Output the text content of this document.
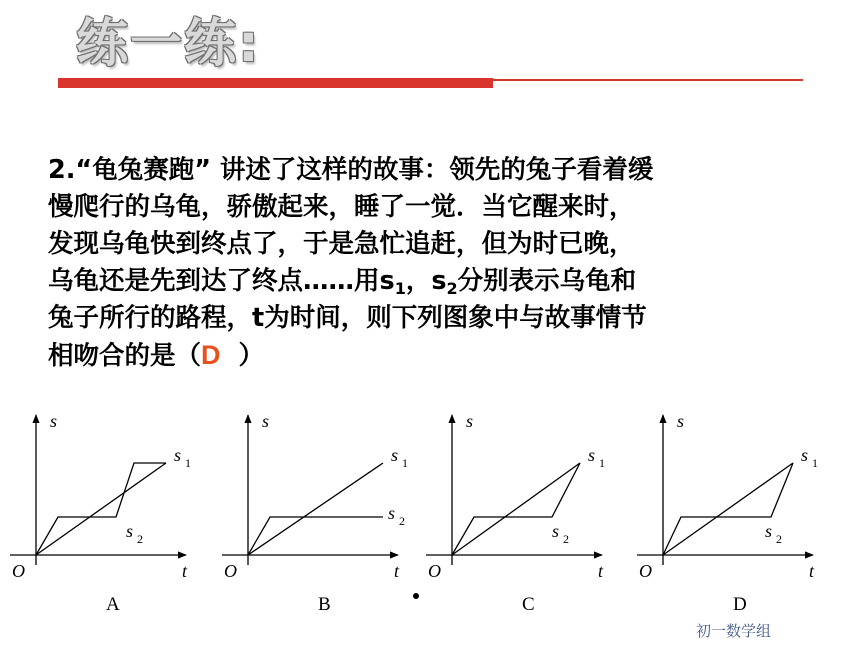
练一练:
2.“龟兔赛跑” 讲述了这样的故事：领先的兔子看着缓
慢爬行的乌龟，骄傲起来，睡了一觉．当它醒来时，
发现乌龟快到终点了，于是急忙追赶，但为时已晚，
乌龟还是先到达了终点……用$s_1$，$s_2$分别表示乌龟和
兔子所行的路程，t为时间，则下列图象中与故事情节
相吻合的是（D ）
s
t
O
s 1
s 2
A
s
t
O
s 1
s 2
B
s
t
O
s 1
s 2
C
s
t
O
s 1
s 2
D
初一数学组
